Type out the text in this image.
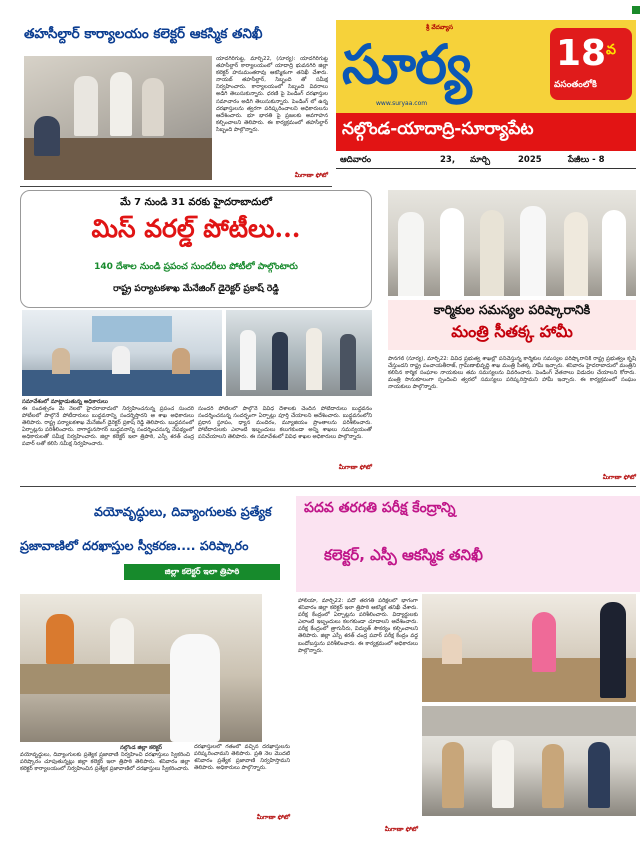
సూర్య
శ్రీ వేదవ్యాస
www.suryaa.com
18 వ
వసంతంలోకి
నల్గొండ-యాదాద్రి-సూర్యాపేట
ఆదివారం	23, మార్చి	2025	పేజీలు - 8
తహసీల్దార్ కార్యాలయం కలెక్టర్ ఆకస్మిక తనిఖీ
యాదగిరిగుట్ట, మార్చి22, (సూర్య): యాదగిరిగుట్ట తహసీల్దార్ కార్యాలయంలో యాదాద్రి భువనగిరి జిల్లా కలెక్టర్ హనుమంతరావు ఆకస్మికంగా తనిఖీ చేశారు. నాయబ్ తహసీల్దార్, సిబ్బంది తో సమీక్ష నిర్వహించారు. కార్యాలయంలో సిబ్బంది వివరాలు అడిగి తెలుసుకున్నారు. ధరణి పై పెండింగ్ దరఖాస్తుల సమాచారం అడిగి తెలుసుకున్నారు. పెండింగ్ లో ఉన్న దరఖాస్తులను త్వరగా పరిష్కరించాలని అధికారులను ఆదేశించారు. భూ భారతి పై ప్రజలకు అవగాహన కల్పించాలని తెలిపారు. ఈ కార్యక్రమంలో తహసీల్దార్ సిబ్బంది పాల్గొన్నారు.
మీగాణా ఫోటో
మే 7 నుండి 31 వరకు హైదరాబాదులో
మిస్ వరల్డ్ పోటీలు...
140 దేశాల నుండి ప్రపంచ సుందరీలు పోటీలో పాల్గొంటారు
రాష్ట్ర పర్యాటకశాఖ మేనేజింగ్ డైరెక్టర్ ప్రకాష్ రెడ్డి
సమావేశంలో మాట్లాడుతున్న అధికారులు
ఈ సంవత్సరం మే నెలలో హైదరాబాదులో నిర్వహించనున్న ప్రపంచ సుందరి పోటీలలో పాల్గొనే పోటీదారులు బుద్ధవనాన్ని సందర్శిస్తారని ఆ శాఖ అధికారులు తెలిపారు. రాష్ట్ర పర్యాటకశాఖ మేనేజింగ్ డైరెక్టర్ ప్రకాష్ రెడ్డి తెలిపారు. బుద్ధవనంలో ఏర్పాట్లను పరిశీలించారు. నాగార్జునసాగర్ బుద్ధవనాన్ని సందర్శించనున్న నేపథ్యంలో అధికారులతో సమీక్ష నిర్వహించారు. జిల్లా కలెక్టర్ ఇలా త్రిపాఠి, ఎస్పీ శరత్ చంద్ర పవార్ లతో కలిసి సమీక్ష నిర్వహించారు.
సుందరి పోటీలలో పాల్గొనే వివిధ దేశాలకు చెందిన పోటీదారులు బుద్ధవనం సందర్శించనున్న సందర్భంగా ఏర్పాట్లు పూర్తి చేయాలని ఆదేశించారు. బుద్ధవనంలోని ప్రధాన స్థూపం, ధ్యాన మందిరం, మ్యూజియం ప్రాంతాలను పరిశీలించారు. పోటీదారులకు ఎలాంటి ఇబ్బందులు కలుగకుండా అన్ని శాఖలు సమన్వయంతో పనిచేయాలని తెలిపారు. ఈ సమావేశంలో వివిధ శాఖల అధికారులు పాల్గొన్నారు.
మీగాణా ఫోటో
కార్మికుల సమస్యల పరిష్కారానికి
మంత్రి సీతక్క హామీ
పానగల్ (సూర్య), మార్చి22: వివిధ ప్రభుత్వ శాఖల్లో పనిచేస్తున్న కార్మికుల సమస్యల పరిష్కారానికి రాష్ట్ర ప్రభుత్వం కృషి చేస్తుందని రాష్ట్ర పంచాయతీరాజ్, గ్రామీణాభివృద్ధి శాఖ మంత్రి సీతక్క హామీ ఇచ్చారు. శనివారం హైదరాబాదులో మంత్రిని కలిసిన కార్మిక సంఘాల నాయకులు తమ సమస్యలను వివరించారు. పెండింగ్ వేతనాలు విడుదల చేయాలని కోరారు. మంత్రి సానుకూలంగా స్పందించి త్వరలో సమస్యలు పరిష్కరిస్తామని హామీ ఇచ్చారు. ఈ కార్యక్రమంలో సంఘం నాయకులు పాల్గొన్నారు.
మీగాణా ఫోటో
వయోవృద్ధులు, దివ్యాంగులకు ప్రత్యేక
ప్రజావాణిలో దరఖాస్తుల స్వీకరణ.... పరిష్కారం
జిల్లా కలెక్టర్ ఇలా త్రిపాఠి
నల్గొండ జిల్లా కలెక్టర్
వయోవృద్ధులు, దివ్యాంగులకు ప్రత్యేక ప్రజావాణి నిర్వహించి దరఖాస్తులు స్వీకరించి పరిష్కారం చూపుతున్నట్లు జిల్లా కలెక్టర్ ఇలా త్రిపాఠి తెలిపారు. శనివారం జిల్లా కలెక్టర్ కార్యాలయంలో నిర్వహించిన ప్రత్యేక ప్రజావాణిలో దరఖాస్తులు స్వీకరించారు.
దరఖాస్తులలో గతంలో వచ్చిన దరఖాస్తులను పరిష్కరించామని తెలిపారు. ప్రతి నెల మొదటి శనివారం ప్రత్యేక ప్రజావాణి నిర్వహిస్తామని తెలిపారు. అధికారులు పాల్గొన్నారు.
మీగాణా ఫోటో
పదవ తరగతి పరీక్ష కేంద్రాన్ని
కలెక్టర్, ఎస్పీ ఆకస్మిక తనిఖీ
హాలియా, మార్చి22: పదో తరగతి పరీక్షలలో భాగంగా శనివారం జిల్లా కలెక్టర్ ఇలా త్రిపాఠి ఆకస్మిక తనిఖీ చేశారు. పరీక్ష కేంద్రంలో ఏర్పాట్లను పరిశీలించారు. విద్యార్థులకు ఎలాంటి ఇబ్బందులు కలగకుండా చూడాలని ఆదేశించారు. పరీక్ష కేంద్రంలో త్రాగునీరు, విద్యుత్ సౌకర్యం కల్పించాలని తెలిపారు. జిల్లా ఎస్పీ శరత్ చంద్ర పవార్ పరీక్ష కేంద్రం వద్ద బందోబస్తును పరిశీలించారు. ఈ కార్యక్రమంలో అధికారులు పాల్గొన్నారు.
మీగాణా ఫోటో
